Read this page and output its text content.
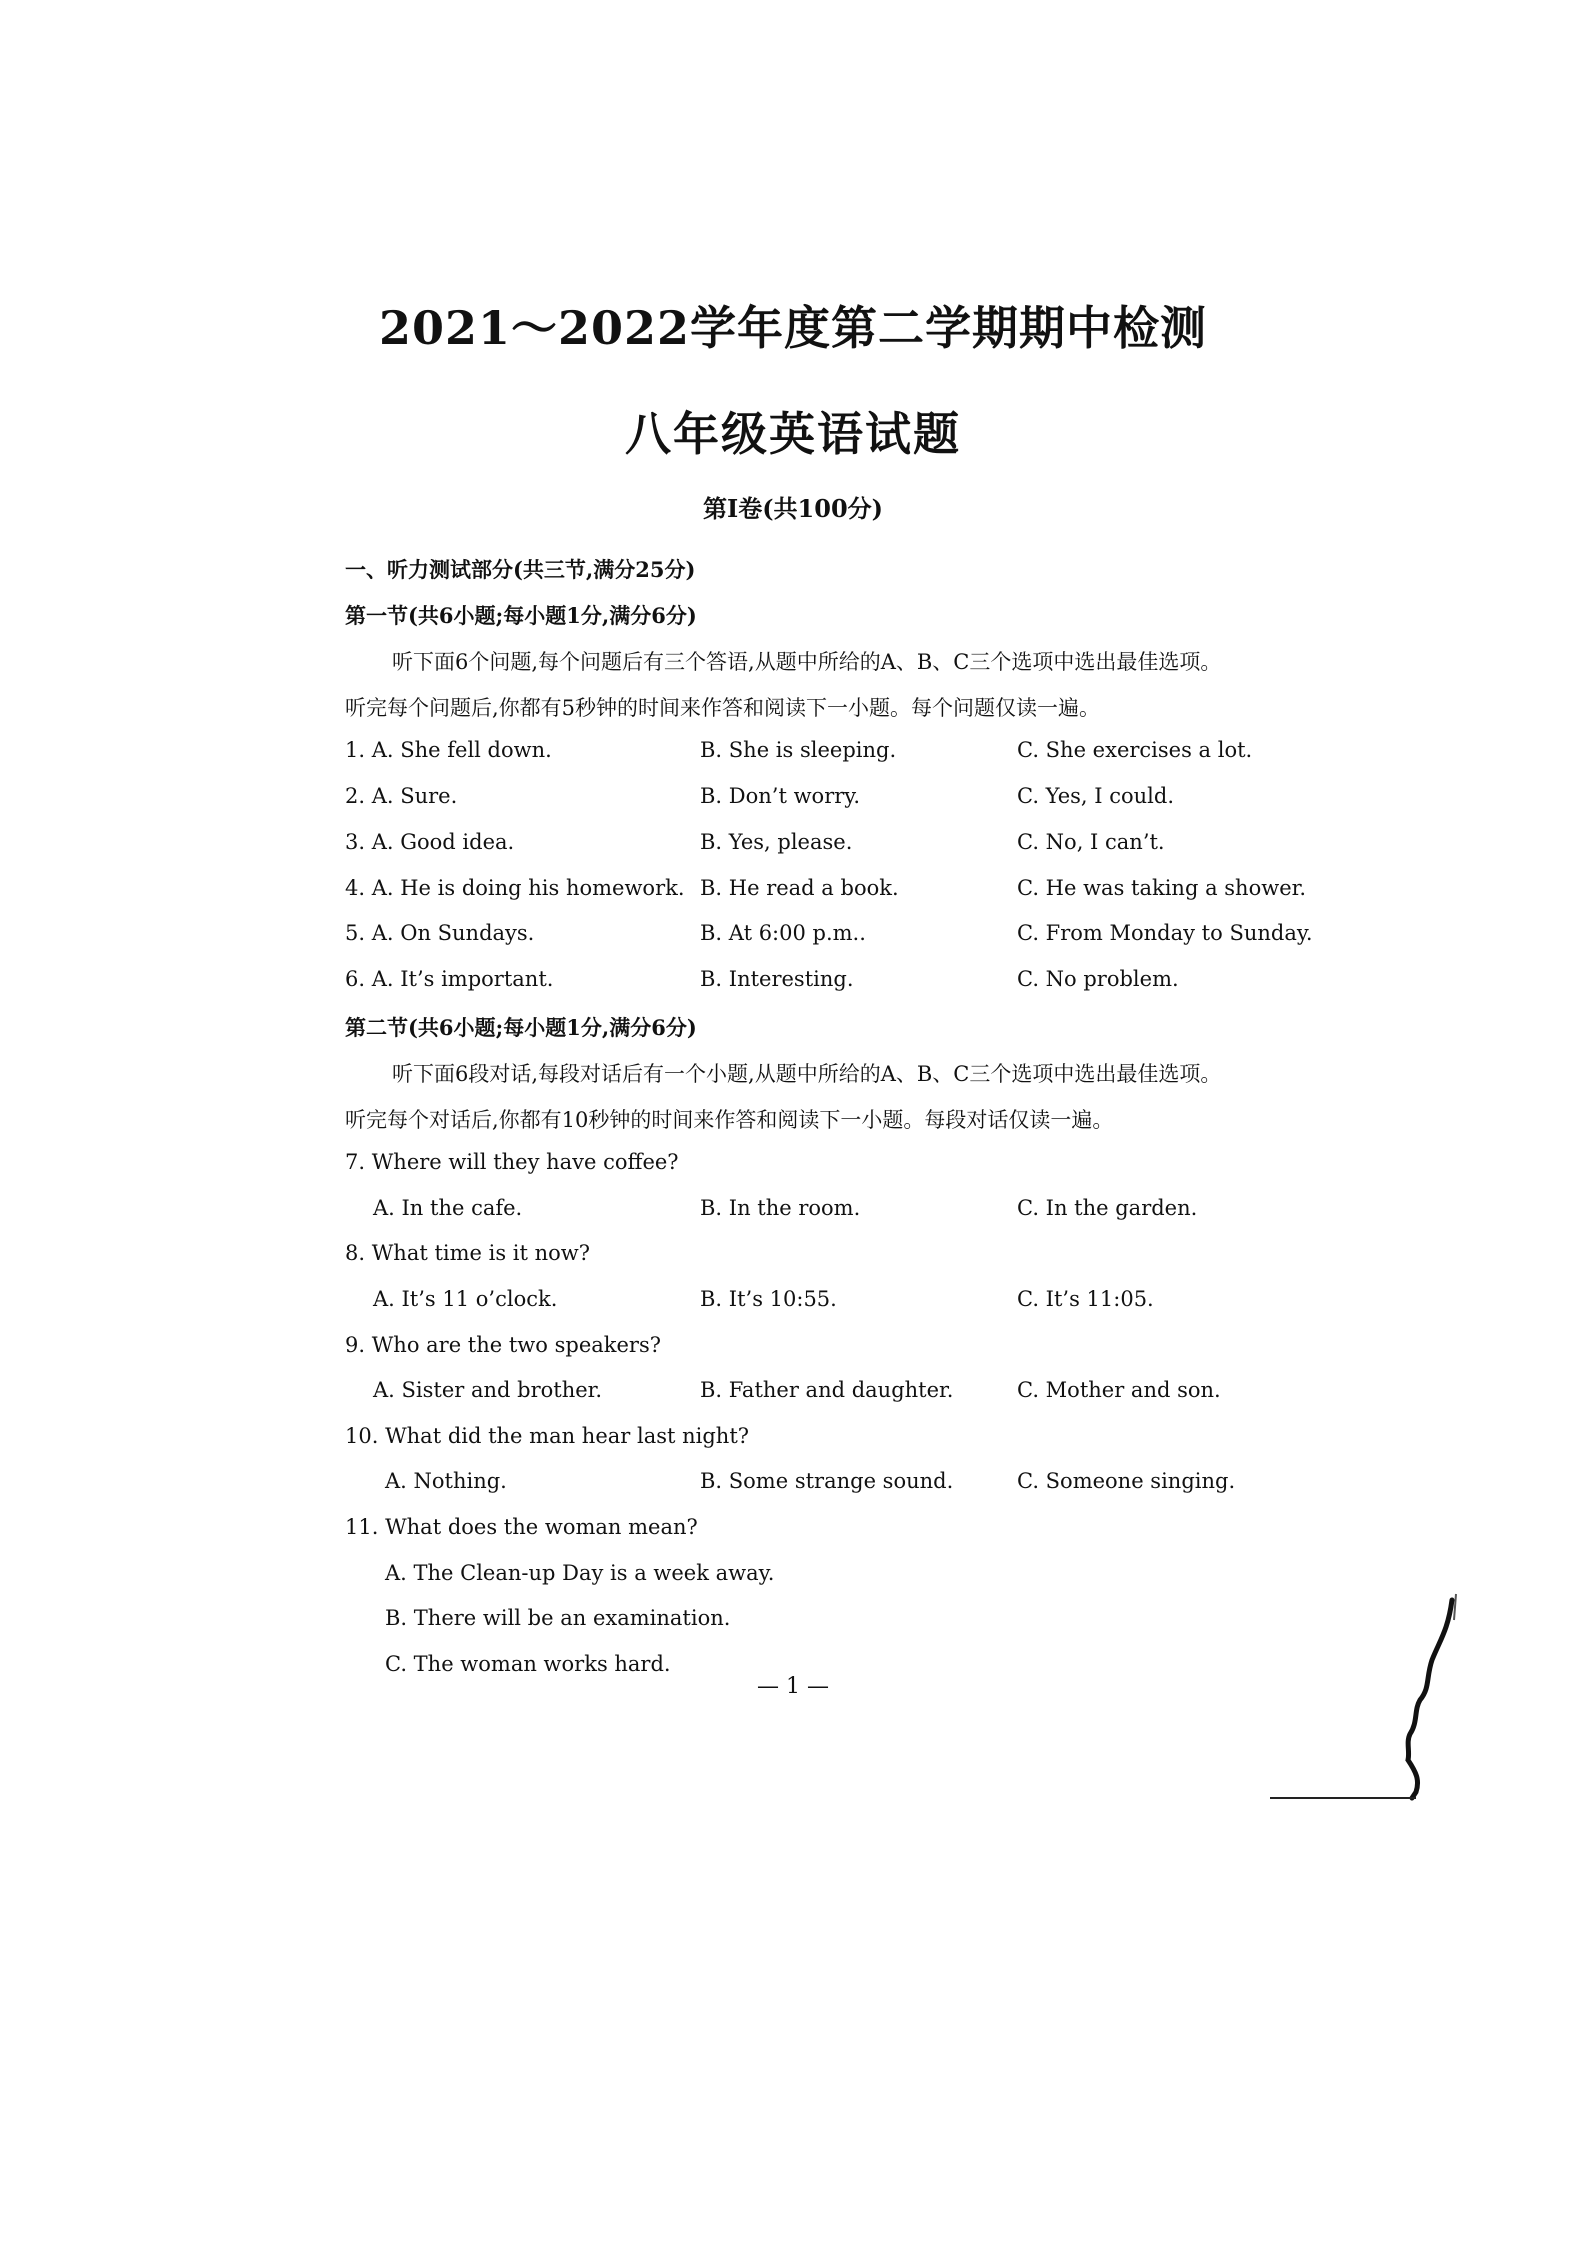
2021～2022学年度第二学期期中检测
八年级英语试题
第Ⅰ卷(共100分)
一、听力测试部分(共三节,满分25分)
第一节(共6小题;每小题1分,满分6分)
听下面6个问题,每个问题后有三个答语,从题中所给的A、B、C三个选项中选出最佳选项。
听完每个问题后,你都有5秒钟的时间来作答和阅读下一小题。每个问题仅读一遍。
1. A. She fell down.	B. She is sleeping.	C. She exercises a lot.
2. A. Sure.	B. Don’t worry.	C. Yes, I could.
3. A. Good idea.	B. Yes, please.	C. No, I can’t.
4. A. He is doing his homework. B. He read a book.	C. He was taking a shower.
5. A. On Sundays.	B. At 6:00 p.m..	C. From Monday to Sunday.
6. A. It’s important.	B. Interesting.	C. No problem.
第二节(共6小题;每小题1分,满分6分)
听下面6段对话,每段对话后有一个小题,从题中所给的A、B、C三个选项中选出最佳选项。
听完每个对话后,你都有10秒钟的时间来作答和阅读下一小题。每段对话仅读一遍。
7. Where will they have coffee?
A. In the cafe.	B. In the room.	C. In the garden.
8. What time is it now?
A. It’s 11 o’clock.	B. It’s 10:55.	C. It’s 11:05.
9. Who are the two speakers?
A. Sister and brother.	B. Father and daughter.	C. Mother and son.
10. What did the man hear last night?
A. Nothing.	B. Some strange sound.	C. Someone singing.
11. What does the woman mean?
A. The Clean-up Day is a week away.
B. There will be an examination.
C. The woman works hard.
— 1 —
